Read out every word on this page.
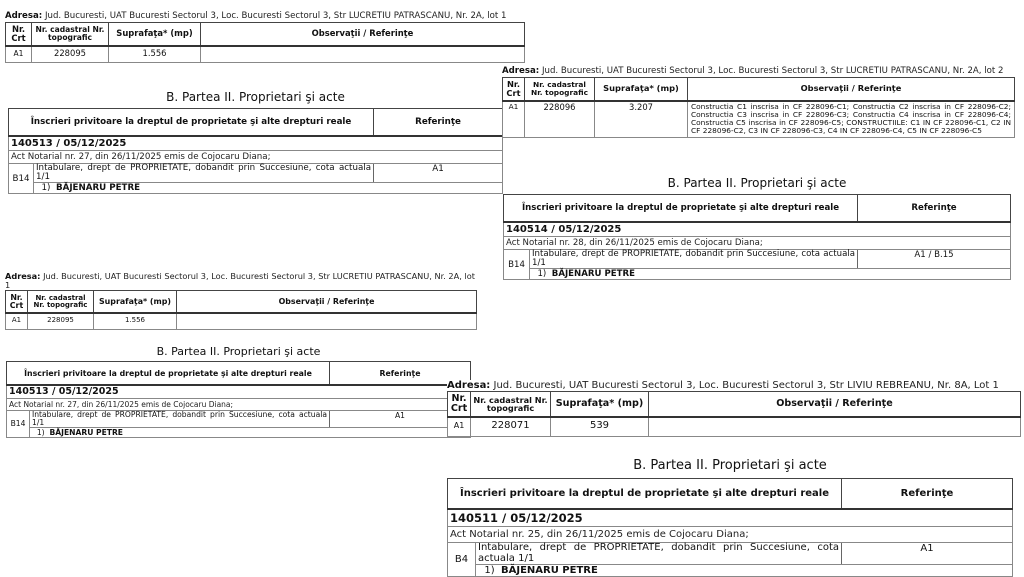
Adresa: Jud. Bucuresti, UAT Bucuresti Sectorul 3, Loc. Bucuresti Sectorul 3, Str LUCRETIU PATRASCANU, Nr. 2A, lot 1
Nr. Crt	Nr. cadastral Nr. topografic	Suprafaţa* (mp)	Observaţii / Referinţe
A1	228095	1.556	
B. Partea II. Proprietari şi acte
Înscrieri privitoare la dreptul de proprietate şi alte drepturi reale		Referinţe
140513 / 05/12/2025		
Act Notarial nr. 27, din 26/11/2025 emis de Cojocaru Diana;		
B14	Intabulare, drept de PROPRIETATE, dobandit prin Succesiune, cota actuala 1/1	A1
	1) BĂJENARU PETRE	
Adresa: Jud. Bucuresti, UAT Bucuresti Sectorul 3, Loc. Bucuresti Sectorul 3, Str LUCRETIU PATRASCANU, Nr. 2A, lot 1
Nr. Crt	Nr. cadastral Nr. topografic	Suprafaţa* (mp)	Observaţii / Referinţe
A1	228095	1.556	
B. Partea II. Proprietari şi acte
Înscrieri privitoare la dreptul de proprietate şi alte drepturi reale		Referinţe
140513 / 05/12/2025		
Act Notarial nr. 27, din 26/11/2025 emis de Cojocaru Diana;		
B14	Intabulare, drept de PROPRIETATE, dobandit prin Succesiune, cota actuala 1/1	A1
	1) BĂJENARU PETRE	
Adresa: Jud. Bucuresti, UAT Bucuresti Sectorul 3, Loc. Bucuresti Sectorul 3, Str LUCRETIU PATRASCANU, Nr. 2A, lot 2
Nr. Crt	Nr. cadastral Nr. topografic	Suprafaţa* (mp)	Observaţii / Referinţe
A1	228096	3.207	Constructia C1 inscrisa in CF 228096-C1; Constructia C2 inscrisa in CF 228096-C2; Constructia C3 inscrisa in CF 228096-C3; Constructia C4 inscrisa in CF 228096-C4; Constructia C5 inscrisa in CF 228096-C5; CONSTRUCTIILE: C1 IN CF 228096-C1, C2 IN CF 228096-C2, C3 IN CF 228096-C3, C4 IN CF 228096-C4, C5 IN CF 228096-C5
B. Partea II. Proprietari şi acte
Înscrieri privitoare la dreptul de proprietate şi alte drepturi reale		Referinţe
140514 / 05/12/2025		
Act Notarial nr. 28, din 26/11/2025 emis de Cojocaru Diana;		
B14	Intabulare, drept de PROPRIETATE, dobandit prin Succesiune, cota actuala 1/1	A1 / B.15
	1) BĂJENARU PETRE	
Adresa: Jud. Bucuresti, UAT Bucuresti Sectorul 3, Loc. Bucuresti Sectorul 3, Str LIVIU REBREANU, Nr. 8A, Lot 1
Nr. Crt	Nr. cadastral Nr. topografic	Suprafaţa* (mp)	Observaţii / Referinţe
A1	228071	539	
B. Partea II. Proprietari şi acte
Înscrieri privitoare la dreptul de proprietate şi alte drepturi reale		Referinţe
140511 / 05/12/2025		
Act Notarial nr. 25, din 26/11/2025 emis de Cojocaru Diana;		
B4	Intabulare, drept de PROPRIETATE, dobandit prin Succesiune, cota actuala 1/1	A1
	1) BĂJENARU PETRE	
